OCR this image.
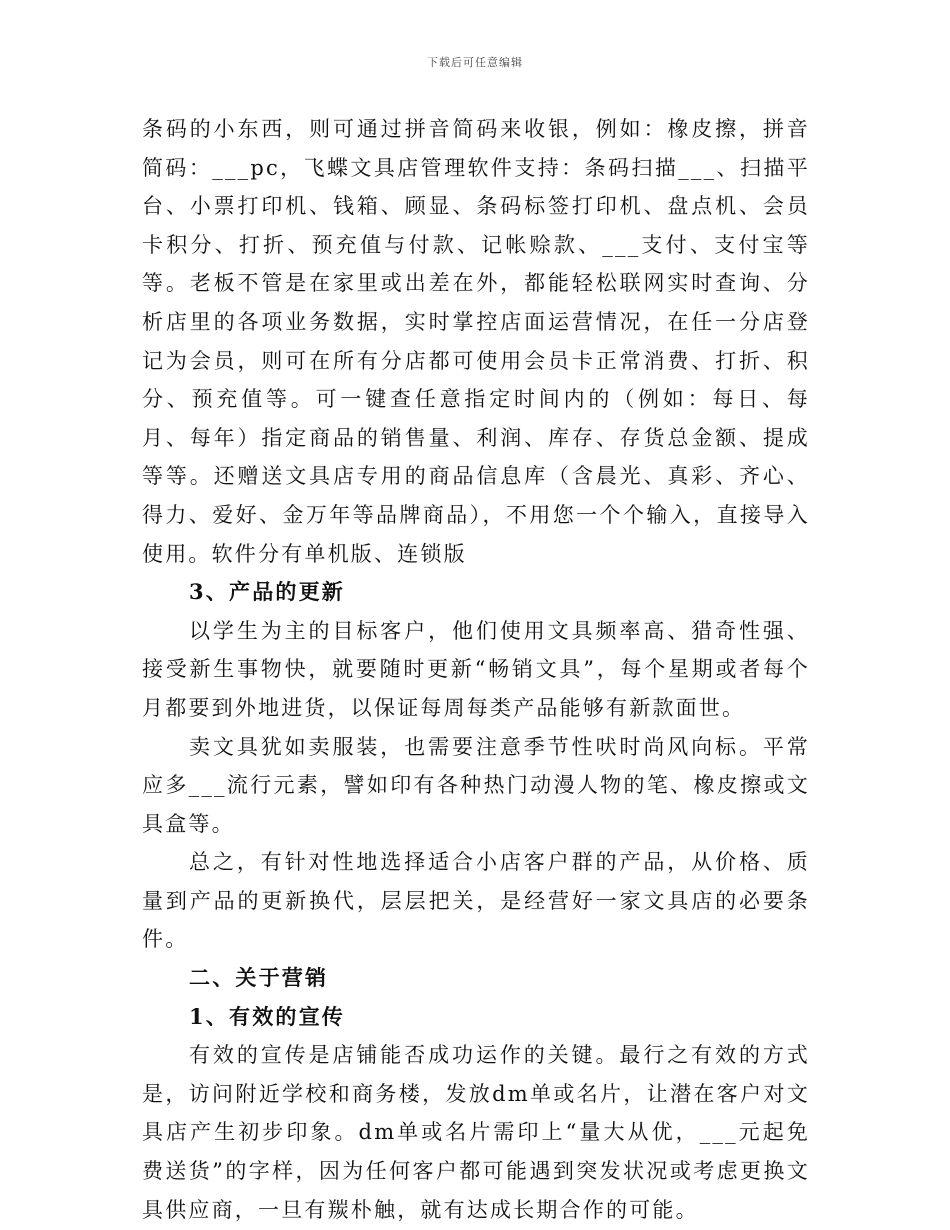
下载后可任意编辑

条码的小东西，则可通过拼音简码来收银，例如：橡皮擦，拼音简码：___pc，飞蝶文具店管理软件支持：条码扫描___、扫描平台、小票打印机、钱箱、顾显、条码标签打印机、盘点机、会员卡积分、打折、预充值与付款、记帐赊款、___支付、支付宝等等。老板不管是在家里或出差在外，都能轻松联网实时查询、分析店里的各项业务数据，实时掌控店面运营情况，在任一分店登记为会员，则可在所有分店都可使用会员卡正常消费、打折、积分、预充值等。可一键查任意指定时间内的（例如：每日、每月、每年）指定商品的销售量、利润、库存、存货总金额、提成等等。还赠送文具店专用的商品信息库（含晨光、真彩、齐心、得力、爱好、金万年等品牌商品），不用您一个个输入，直接导入使用。软件分有单机版、连锁版

3、产品的更新

以学生为主的目标客户，他们使用文具频率高、猎奇性强、接受新生事物快，就要随时更新“畅销文具”，每个星期或者每个月都要到外地进货，以保证每周每类产品能够有新款面世。

卖文具犹如卖服装，也需要注意季节性吠时尚风向标。平常应多___流行元素，譬如印有各种热门动漫人物的笔、橡皮擦或文具盒等。

总之，有针对性地选择适合小店客户群的产品，从价格、质量到产品的更新换代，层层把关，是经营好一家文具店的必要条件。

二、关于营销

1、有效的宣传

有效的宣传是店铺能否成功运作的关键。最行之有效的方式是，访问附近学校和商务楼，发放dm单或名片，让潜在客户对文具店产生初步印象。dm单或名片需印上“量大从优，___元起免费送货”的字样，因为任何客户都可能遇到突发状况或考虑更换文具供应商，一旦有羰朴触，就有达成长期合作的可能。
